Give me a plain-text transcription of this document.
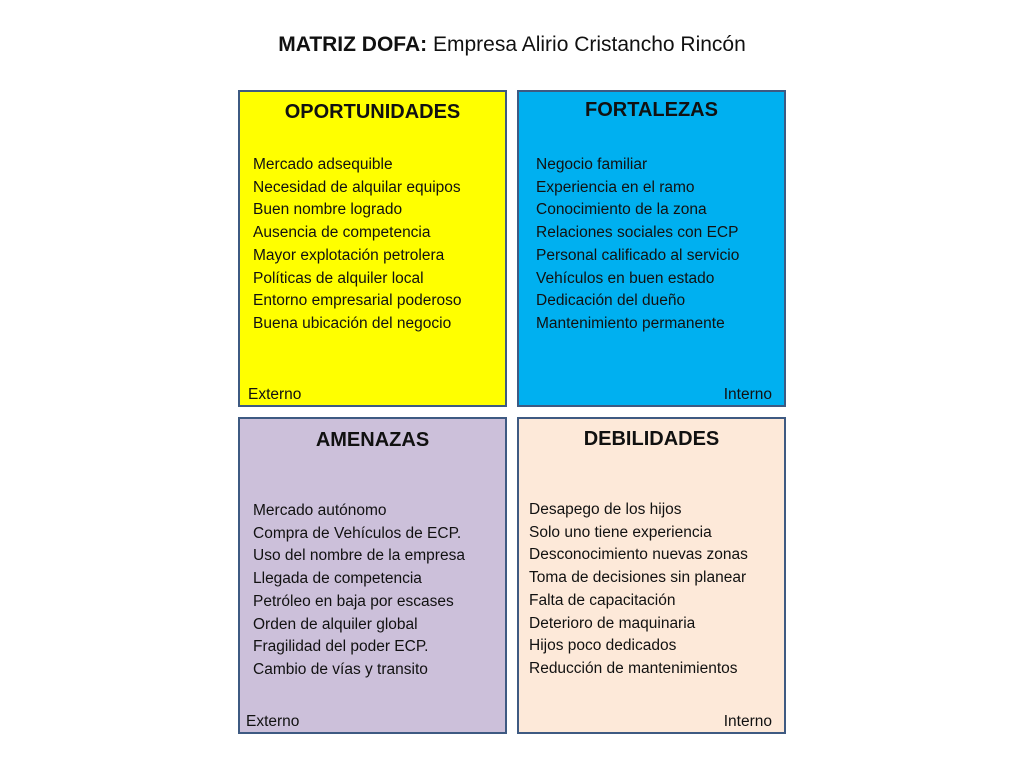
MATRIZ DOFA: Empresa Alirio Cristancho Rincón
OPORTUNIDADES
Mercado adsequible
Necesidad de alquilar equipos
Buen nombre logrado
Ausencia de competencia
Mayor explotación petrolera
Políticas de alquiler local
Entorno empresarial poderoso
Buena ubicación del negocio
Externo
FORTALEZAS
Negocio familiar
Experiencia en el ramo
Conocimiento de la zona
Relaciones sociales con ECP
Personal calificado al servicio
Vehículos en buen estado
Dedicación del dueño
Mantenimiento permanente
Interno
AMENAZAS
Mercado autónomo
Compra de Vehículos de ECP.
Uso del nombre de la empresa
Llegada de competencia
Petróleo en baja por escases
Orden de alquiler global
Fragilidad del poder ECP.
Cambio de vías y transito
Externo
DEBILIDADES
Desapego de los hijos
Solo uno tiene experiencia
Desconocimiento nuevas zonas
Toma de decisiones sin planear
Falta de capacitación
Deterioro de maquinaria
Hijos poco dedicados
Reducción de mantenimientos
Interno
